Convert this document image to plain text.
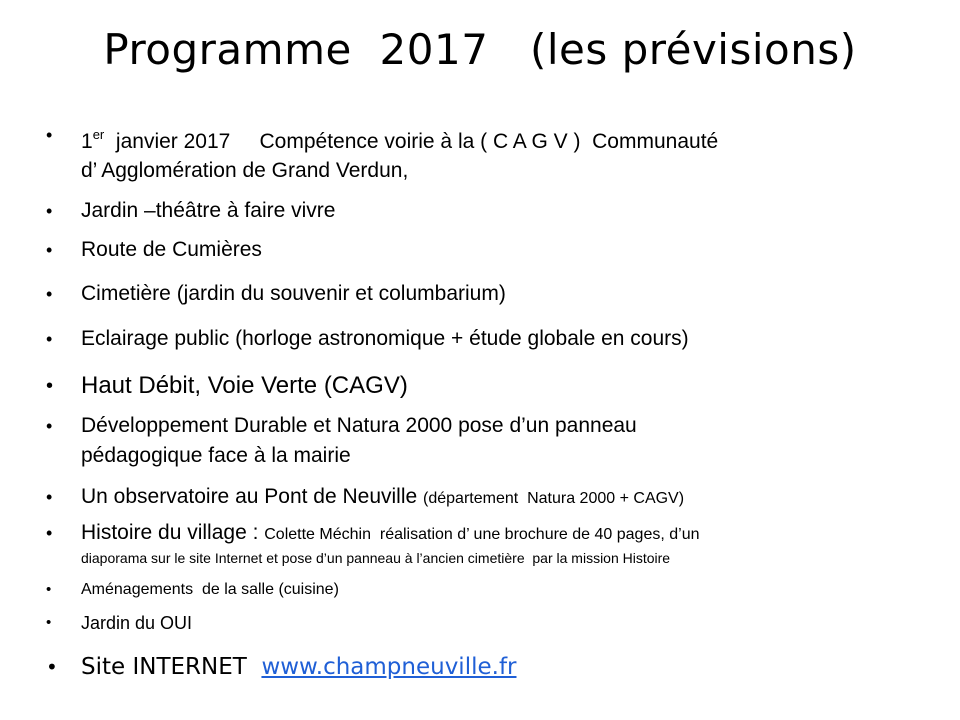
Programme  2017   (les prévisions)
• 1er  janvier 2017     Compétence voirie à la ( C A G V )  Communauté
d’ Agglomération de Grand Verdun,
• Jardin –théâtre à faire vivre
• Route de Cumières
• Cimetière (jardin du souvenir et columbarium)
• Eclairage public (horloge astronomique + étude globale en cours)
• Haut Débit, Voie Verte (CAGV)
• Développement Durable et Natura 2000 pose d’un panneau
pédagogique face à la mairie
• Un observatoire au Pont de Neuville (département  Natura 2000 + CAGV)
• Histoire du village : Colette Méchin  réalisation d’ une brochure de 40 pages, d’un
diaporama sur le site Internet et pose d’un panneau à l’ancien cimetière  par la mission Histoire
• Aménagements  de la salle (cuisine)
• Jardin du OUI
• Site INTERNET  www.champneuville.fr
